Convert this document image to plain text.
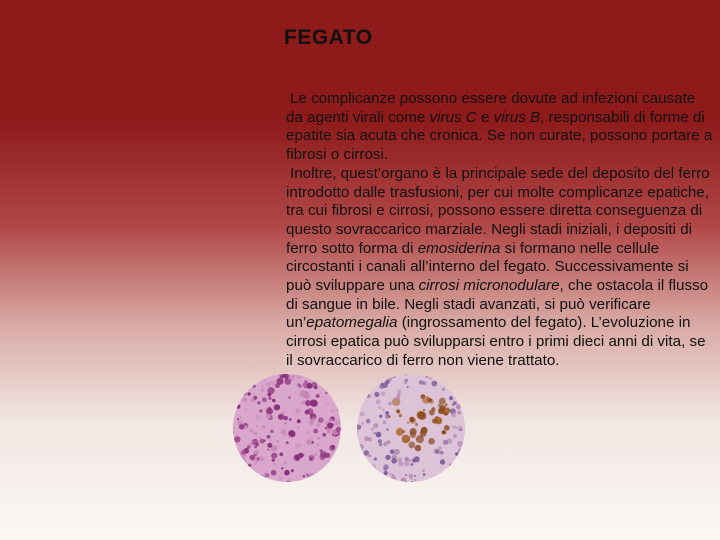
FEGATO

Le complicanze possono essere dovute ad infezioni causate da agenti virali come virus C e virus B, responsabili di forme di epatite sia acuta che cronica. Se non curate, possono portare a fibrosi o cirrosi.

Inoltre, quest’organo è la principale sede del deposito del ferro introdotto dalle trasfusioni, per cui molte complicanze epatiche, tra cui fibrosi e cirrosi, possono essere diretta conseguenza di questo sovraccarico marziale. Negli stadi iniziali, i depositi di ferro sotto forma di emosiderina si formano nelle cellule circostanti i canali all’interno del fegato. Successivamente si può sviluppare una cirrosi micronodulare, che ostacola il flusso di sangue in bile. Negli stadi avanzati, si può verificare un’epatomegalia (ingrossamento del fegato). L’evoluzione in cirrosi epatica può svilupparsi entro i primi dieci anni di vita, se il sovraccarico di ferro non viene trattato.
